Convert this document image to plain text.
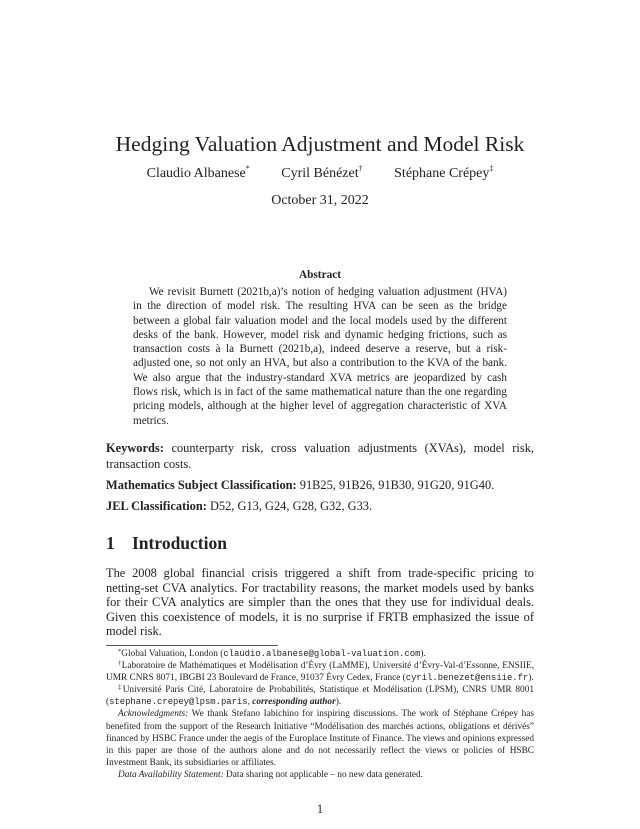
Hedging Valuation Adjustment and Model Risk
Claudio Albanese* Cyril Bénézet† Stéphane Crépey‡
October 31, 2022
Abstract
We revisit Burnett (2021b,a)’s notion of hedging valuation adjustment (HVA) in the direction of model risk. The resulting HVA can be seen as the bridge between a global fair valuation model and the local models used by the different desks of the bank. However, model risk and dynamic hedging frictions, such as transaction costs à la Burnett (2021b,a), indeed deserve a reserve, but a risk-adjusted one, so not only an HVA, but also a contribution to the KVA of the bank. We also argue that the industry-standard XVA metrics are jeopardized by cash flows risk, which is in fact of the same mathematical nature than the one regarding pricing models, although at the higher level of aggregation characteristic of XVA metrics.
Keywords: counterparty risk, cross valuation adjustments (XVAs), model risk, transaction costs.
Mathematics Subject Classification: 91B25, 91B26, 91B30, 91G20, 91G40.
JEL Classification: D52, G13, G24, G28, G32, G33.
1 Introduction
The 2008 global financial crisis triggered a shift from trade-specific pricing to netting-set CVA analytics. For tractability reasons, the market models used by banks for their CVA analytics are simpler than the ones that they use for individual deals. Given this coexistence of models, it is no surprise if FRTB emphasized the issue of model risk.

*Global Valuation, London (claudio.albanese@global-valuation.com).

†Laboratoire de Mathématiques et Modélisation d’Évry (LaMME), Université d’Évry-Val-d’Essonne, ENSIIE, UMR CNRS 8071, IBGBI 23 Boulevard de France, 91037 Évry Cedex, France (cyril.benezet@ensiie.fr).

‡Université Paris Cité, Laboratoire de Probabilités, Statistique et Modélisation (LPSM), CNRS UMR 8001 (stephane.crepey@lpsm.paris, corresponding author).

Acknowledgments: We thank Stefano Iabichino for inspiring discussions. The work of Stéphane Crépey has benefited from the support of the Research Initiative “Modélisation des marchés actions, obligations et dérivés” financed by HSBC France under the aegis of the Europlace Institute of Finance. The views and opinions expressed in this paper are those of the authors alone and do not necessarily reflect the views or policies of HSBC Investment Bank, its subsidiaries or affiliates.

Data Availability Statement: Data sharing not applicable – no new data generated.

1
